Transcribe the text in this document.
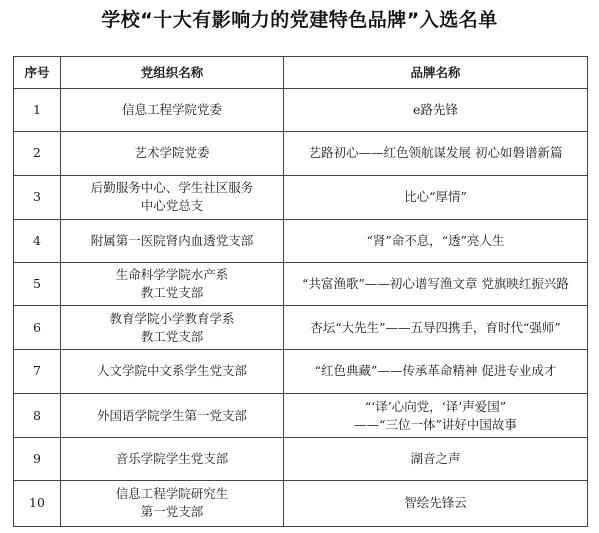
学校“十大有影响力的党建特色品牌”入选名单
序号	党组织名称	品牌名称
1	信息工程学院党委	e路先锋

2	艺术学院党委	艺路初心——红色领航谋发展 初心如磐谱新篇

3	后勤服务中心、学生社区服务
中心党总支	比心“厚情”

4	附属第一医院肾内血透党支部	“肾”命不息，“透”亮人生

5	生命科学学院水产系
教工党支部	“共富渔歌”——初心谱写渔文章 党旗映红振兴路

6	教育学院小学教育学系
教工党支部	杏坛“大先生”——五导四携手，育时代“强师”

7	人文学院中文系学生党支部	“红色典藏”——传承革命精神 促进专业成才

8	外国语学院学生第一党支部	“‘译’心向党，‘译’声爱国”
——“三位一体”讲好中国故事

9	音乐学院学生党支部	湖音之声

10	信息工程学院研究生
第一党支部	智绘先锋云
